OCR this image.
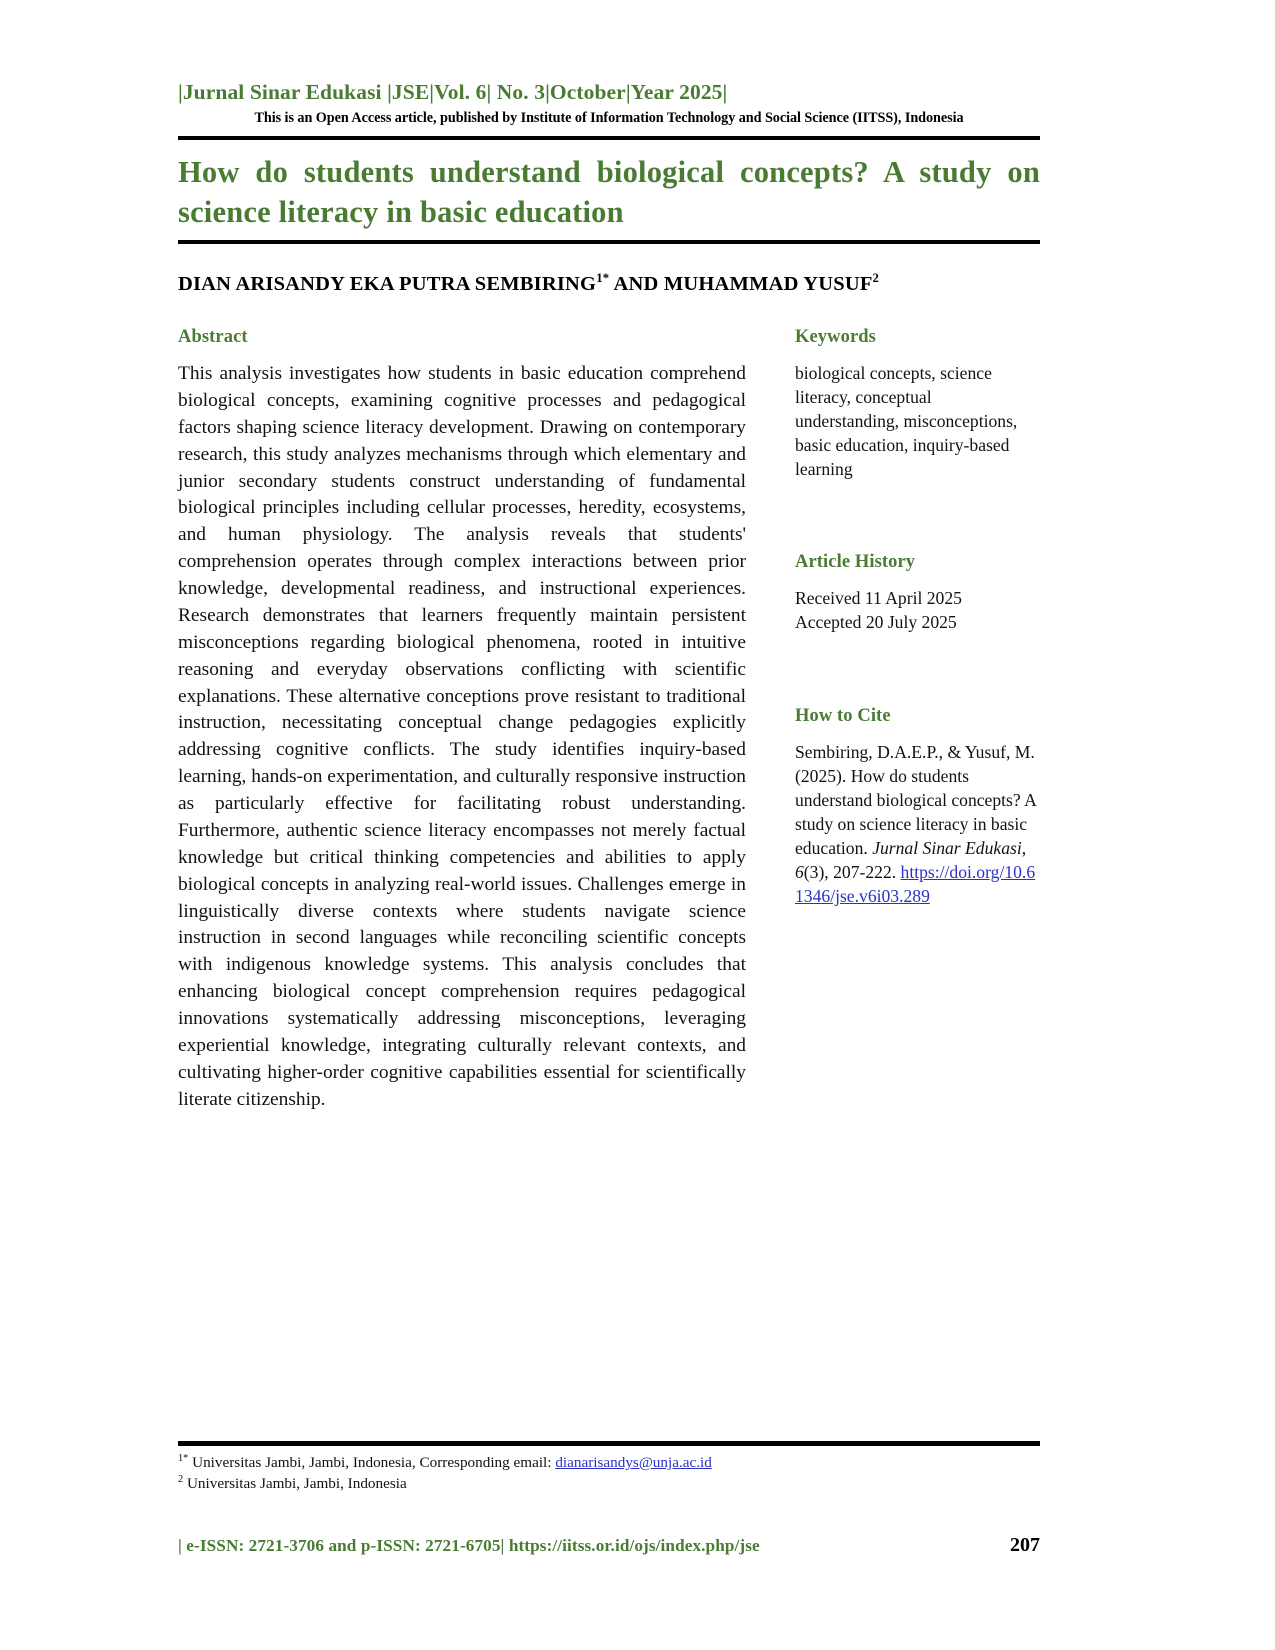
|Jurnal Sinar Edukasi |JSE|Vol. 6| No. 3|October|Year 2025|
This is an Open Access article, published by Institute of Information Technology and Social Science (IITSS), Indonesia
How do students understand biological concepts? A study on science literacy in basic education
DIAN ARISANDY EKA PUTRA $SEMBIRING^{1*}$ AND MUHAMMAD YUSUF$^2$
Abstract

This analysis investigates how students in basic education comprehend biological concepts, examining cognitive processes and pedagogical factors shaping science literacy development. Drawing on contemporary research, this study analyzes mechanisms through which elementary and junior secondary students construct understanding of fundamental biological principles including cellular processes, heredity, ecosystems, and human physiology. The analysis reveals that students' comprehension operates through complex interactions between prior knowledge, developmental readiness, and instructional experiences. Research demonstrates that learners frequently maintain persistent misconceptions regarding biological phenomena, rooted in intuitive reasoning and everyday observations conflicting with scientific explanations. These alternative conceptions prove resistant to traditional instruction, necessitating conceptual change pedagogies explicitly addressing cognitive conflicts. The study identifies inquiry-based learning, hands-on experimentation, and culturally responsive instruction as particularly effective for facilitating robust understanding. Furthermore, authentic science literacy encompasses not merely factual knowledge but critical thinking competencies and abilities to apply biological concepts in analyzing real-world issues. Challenges emerge in linguistically diverse contexts where students navigate science instruction in second languages while reconciling scientific concepts with indigenous knowledge systems. This analysis concludes that enhancing biological concept comprehension requires pedagogical innovations systematically addressing misconceptions, leveraging experiential knowledge, integrating culturally relevant contexts, and cultivating higher-order cognitive capabilities essential for scientifically literate citizenship.

Keywords

biological concepts, science literacy, conceptual understanding, misconceptions, basic education, inquiry-based learning

Article History

Received 11 April 2025
Accepted 20 July 2025

How to Cite

Sembiring, D.A.E.P., & Yusuf, M. (2025). How do students understand biological concepts? A study on science literacy in basic education. Jurnal Sinar Edukasi, 6(3), 207-222. https://doi.org/10.61346/jse.v6i03.289

$^{1*}$ Universitas Jambi, Jambi, Indonesia, Corresponding email: dianarisandys@unja.ac.id
$^2$ Universitas Jambi, Jambi, Indonesia
| e-ISSN: 2721-3706 and p-ISSN: 2721-6705| https://iitss.or.id/ojs/index.php/jse	207
